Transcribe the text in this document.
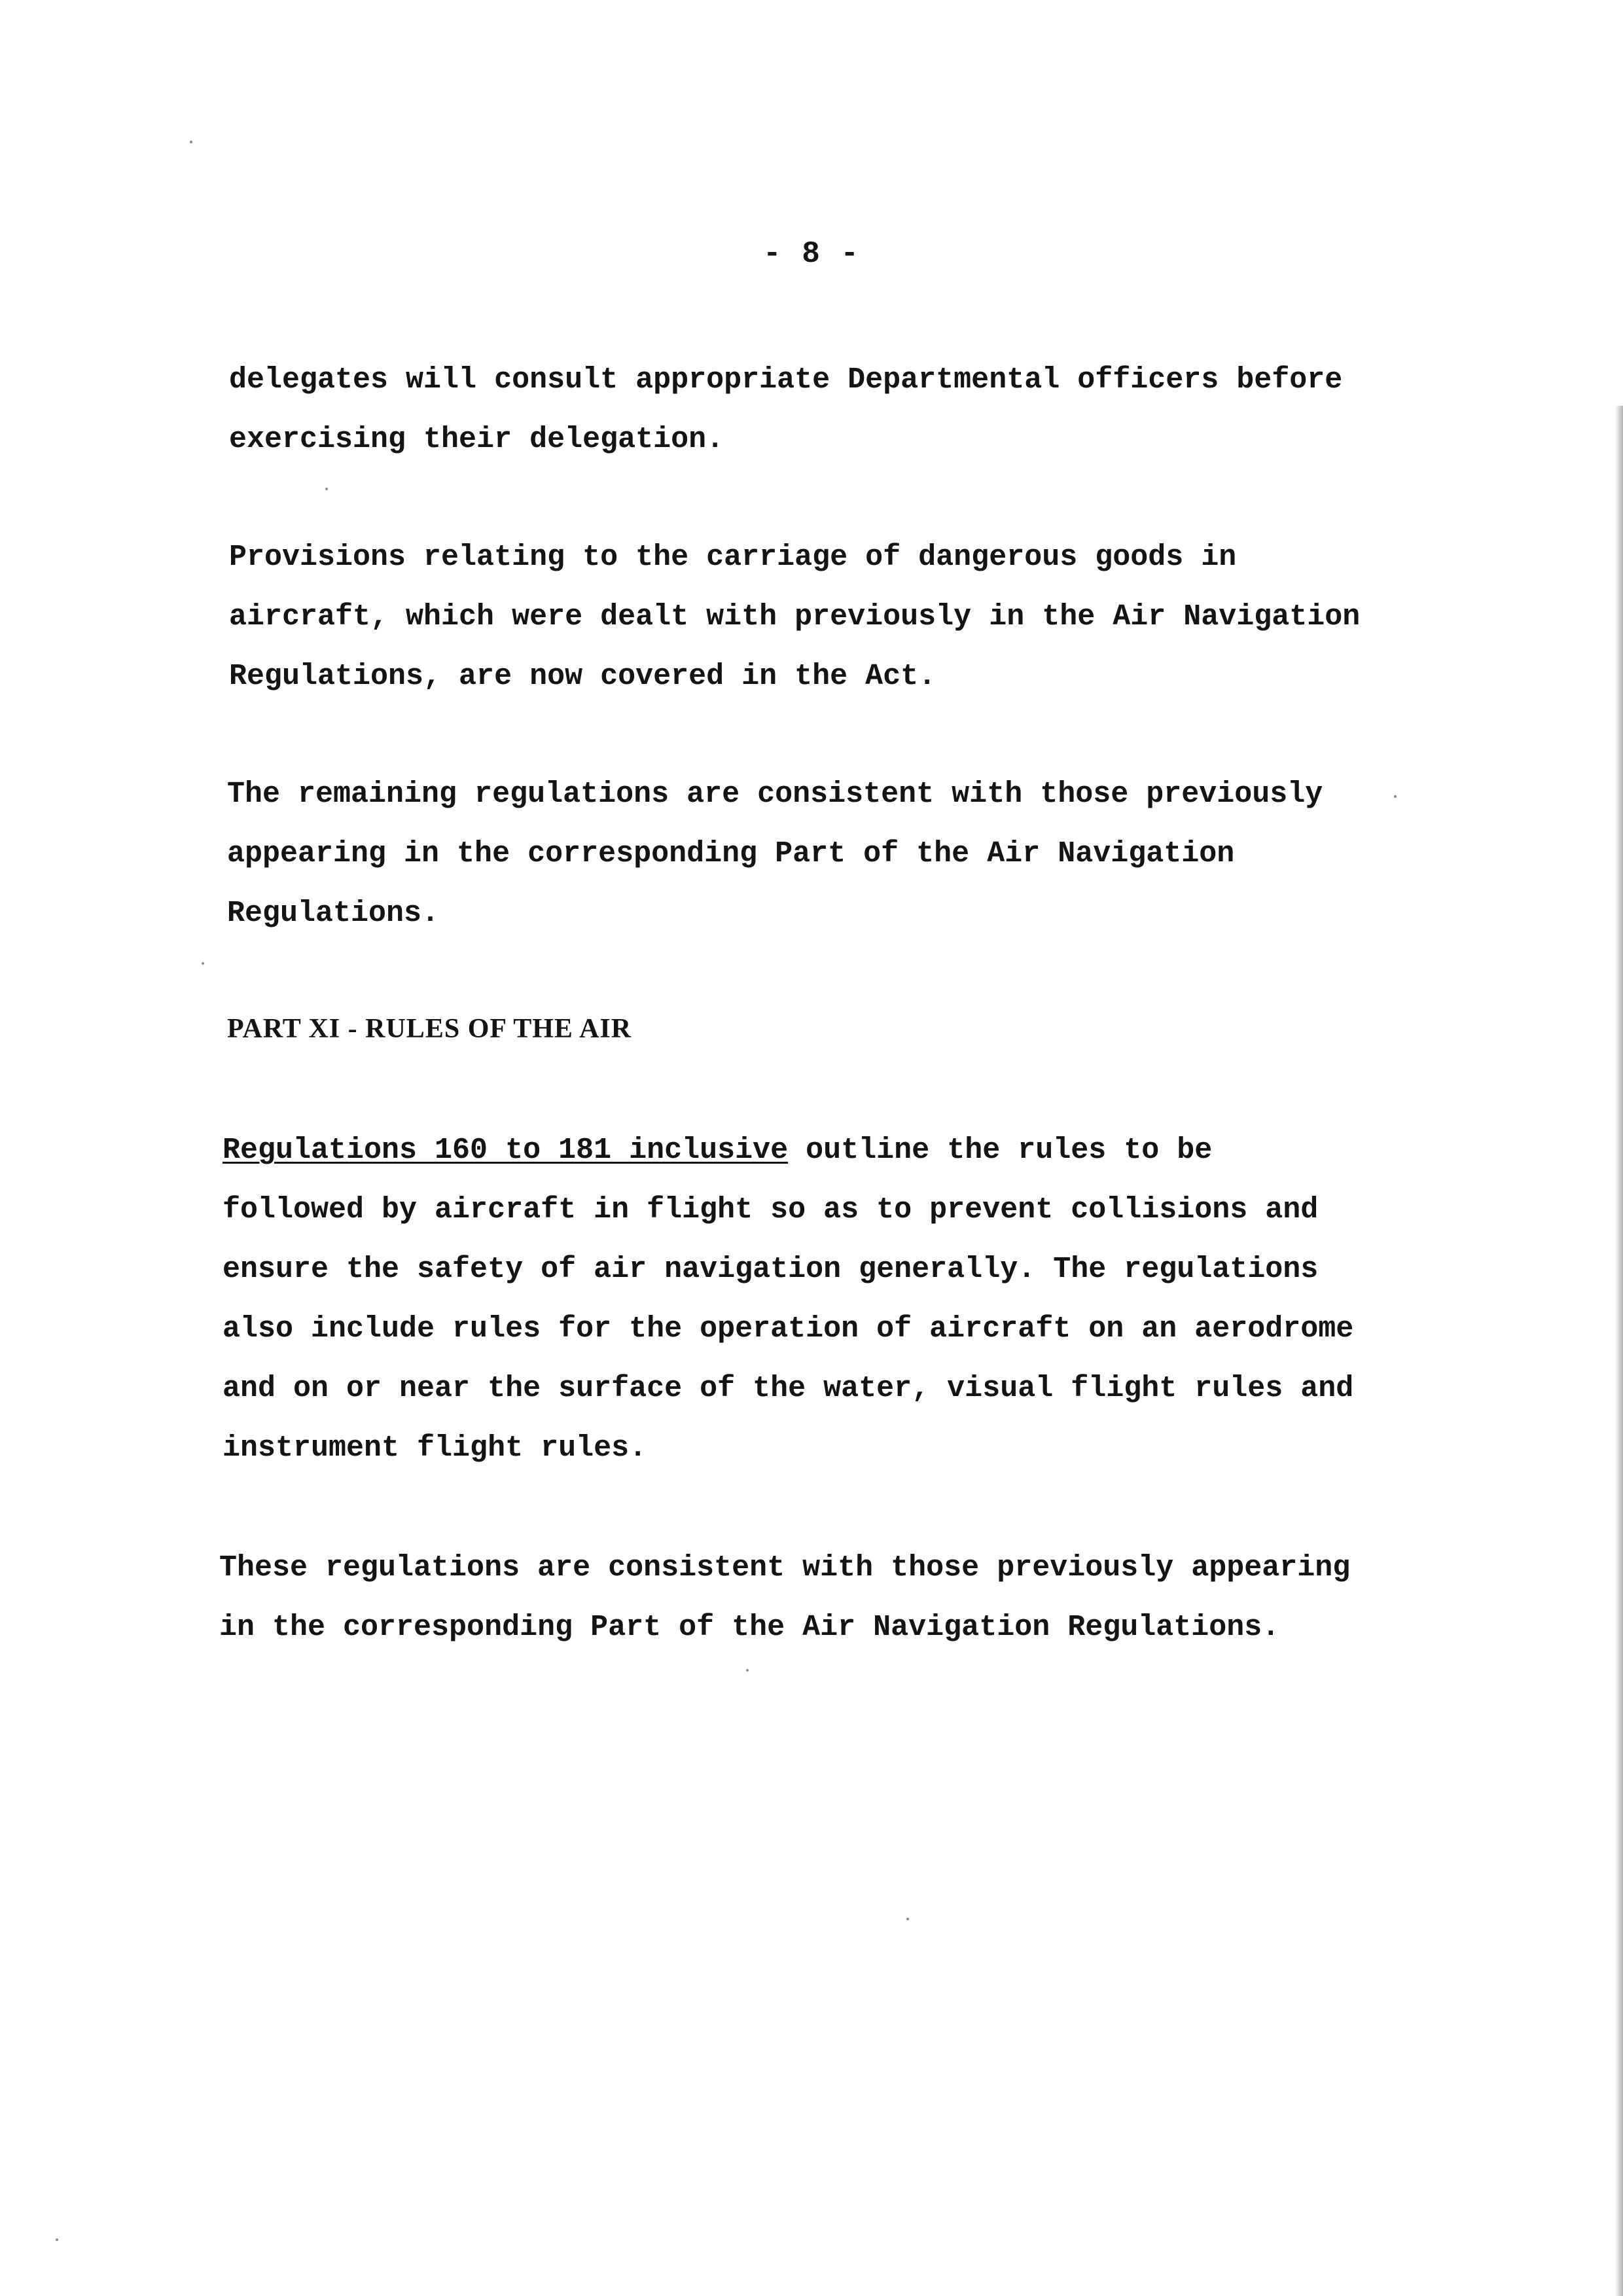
- 8 -
delegates will consult appropriate Departmental officers before
exercising their delegation.
Provisions relating to the carriage of dangerous goods in
aircraft, which were dealt with previously in the Air Navigation
Regulations, are now covered in the Act.
The remaining regulations are consistent with those previously
appearing in the corresponding Part of the Air Navigation
Regulations.
PART XI - RULES OF THE AIR
Regulations 160 to 181 inclusive outline the rules to be
followed by aircraft in flight so as to prevent collisions and
ensure the safety of air navigation generally. The regulations
also include rules for the operation of aircraft on an aerodrome
and on or near the surface of the water, visual flight rules and
instrument flight rules.
These regulations are consistent with those previously appearing
in the corresponding Part of the Air Navigation Regulations.
